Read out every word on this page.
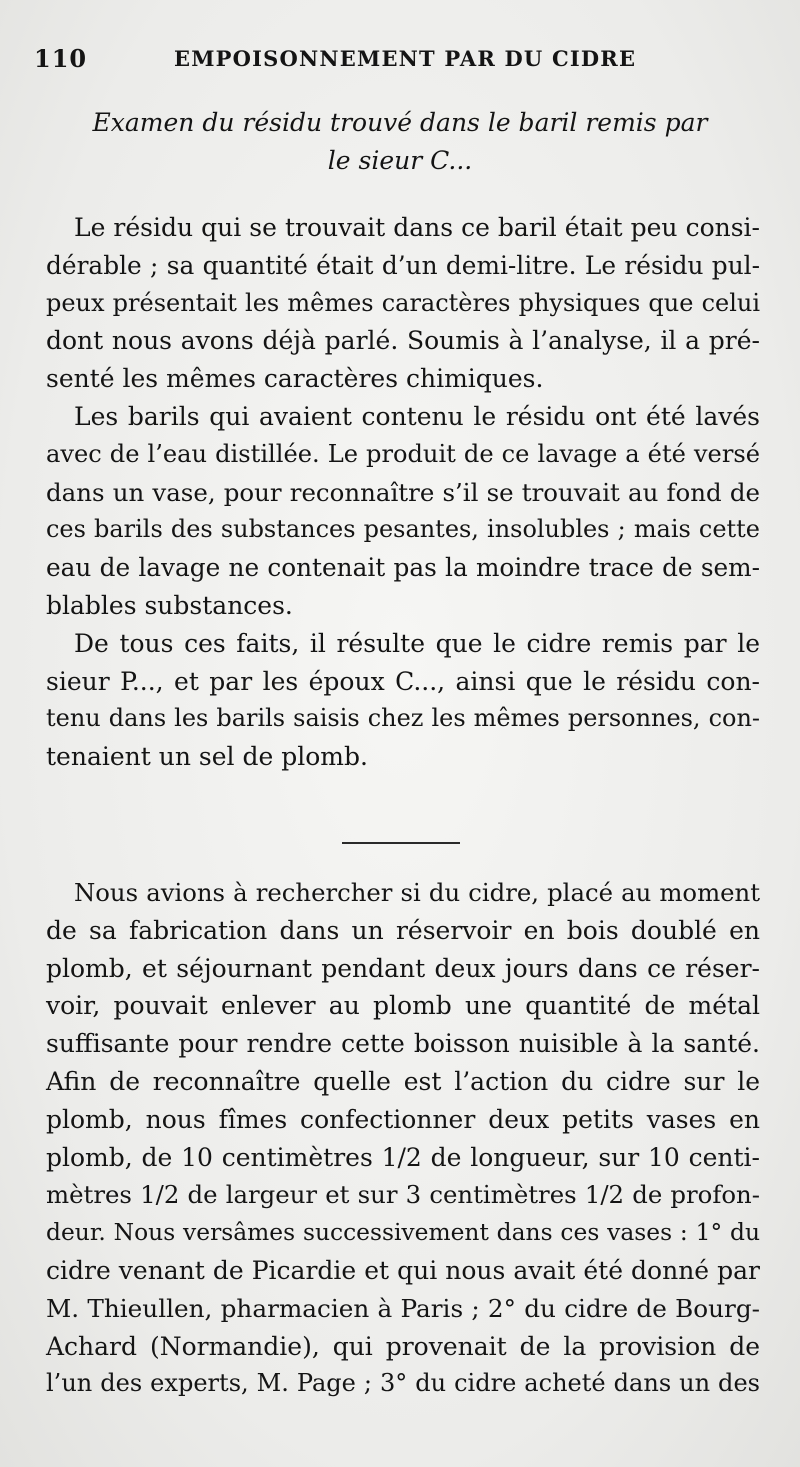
110	EMPOISONNEMENT PAR DU CIDRE
Examen du résidu trouvé dans le baril remis par
le sieur C...

Le résidu qui se trouvait dans ce baril était peu consi-
dérable ; sa quantité était d’un demi-litre. Le résidu pul-
peux présentait les mêmes caractères physiques que celui
dont nous avons déjà parlé. Soumis à l’analyse, il a pré-
senté les mêmes caractères chimiques.

Les barils qui avaient contenu le résidu ont été lavés
avec de l’eau distillée. Le produit de ce lavage a été versé
dans un vase, pour reconnaître s’il se trouvait au fond de
ces barils des substances pesantes, insolubles ; mais cette
eau de lavage ne contenait pas la moindre trace de sem-
blables substances.

De tous ces faits, il résulte que le cidre remis par le
sieur P..., et par les époux C..., ainsi que le résidu con-
tenu dans les barils saisis chez les mêmes personnes, con-
tenaient un sel de plomb.

Nous avions à rechercher si du cidre, placé au moment
de sa fabrication dans un réservoir en bois doublé en
plomb, et séjournant pendant deux jours dans ce réser-
voir, pouvait enlever au plomb une quantité de métal
suffisante pour rendre cette boisson nuisible à la santé.
Afin de reconnaître quelle est l’action du cidre sur le
plomb, nous fîmes confectionner deux petits vases en
plomb, de 10 centimètres 1/2 de longueur, sur 10 centi-
mètres 1/2 de largeur et sur 3 centimètres 1/2 de profon-
deur. Nous versâmes successivement dans ces vases : 1° du
cidre venant de Picardie et qui nous avait été donné par
M. Thieullen, pharmacien à Paris ; 2° du cidre de Bourg-
Achard (Normandie), qui provenait de la provision de
l’un des experts, M. Page ; 3° du cidre acheté dans un des
